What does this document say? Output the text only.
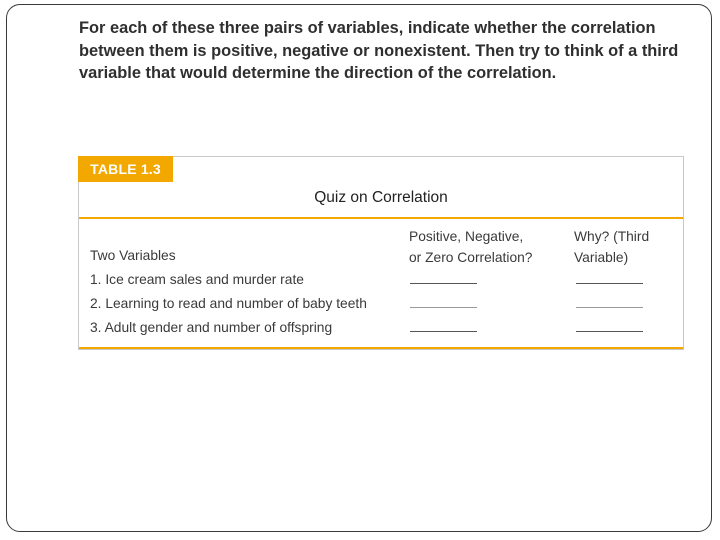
For each of these three pairs of variables, indicate whether the correlation between them is positive, negative or nonexistent. Then try to think of a third variable that would determine the direction of the correlation.

TABLE 1.3
Quiz on Correlation
Positive, Negative,
or Zero Correlation?
Why? (Third
Variable)
Two Variables
1. Ice cream sales and murder rate
2. Learning to read and number of baby teeth
3. Adult gender and number of offspring
